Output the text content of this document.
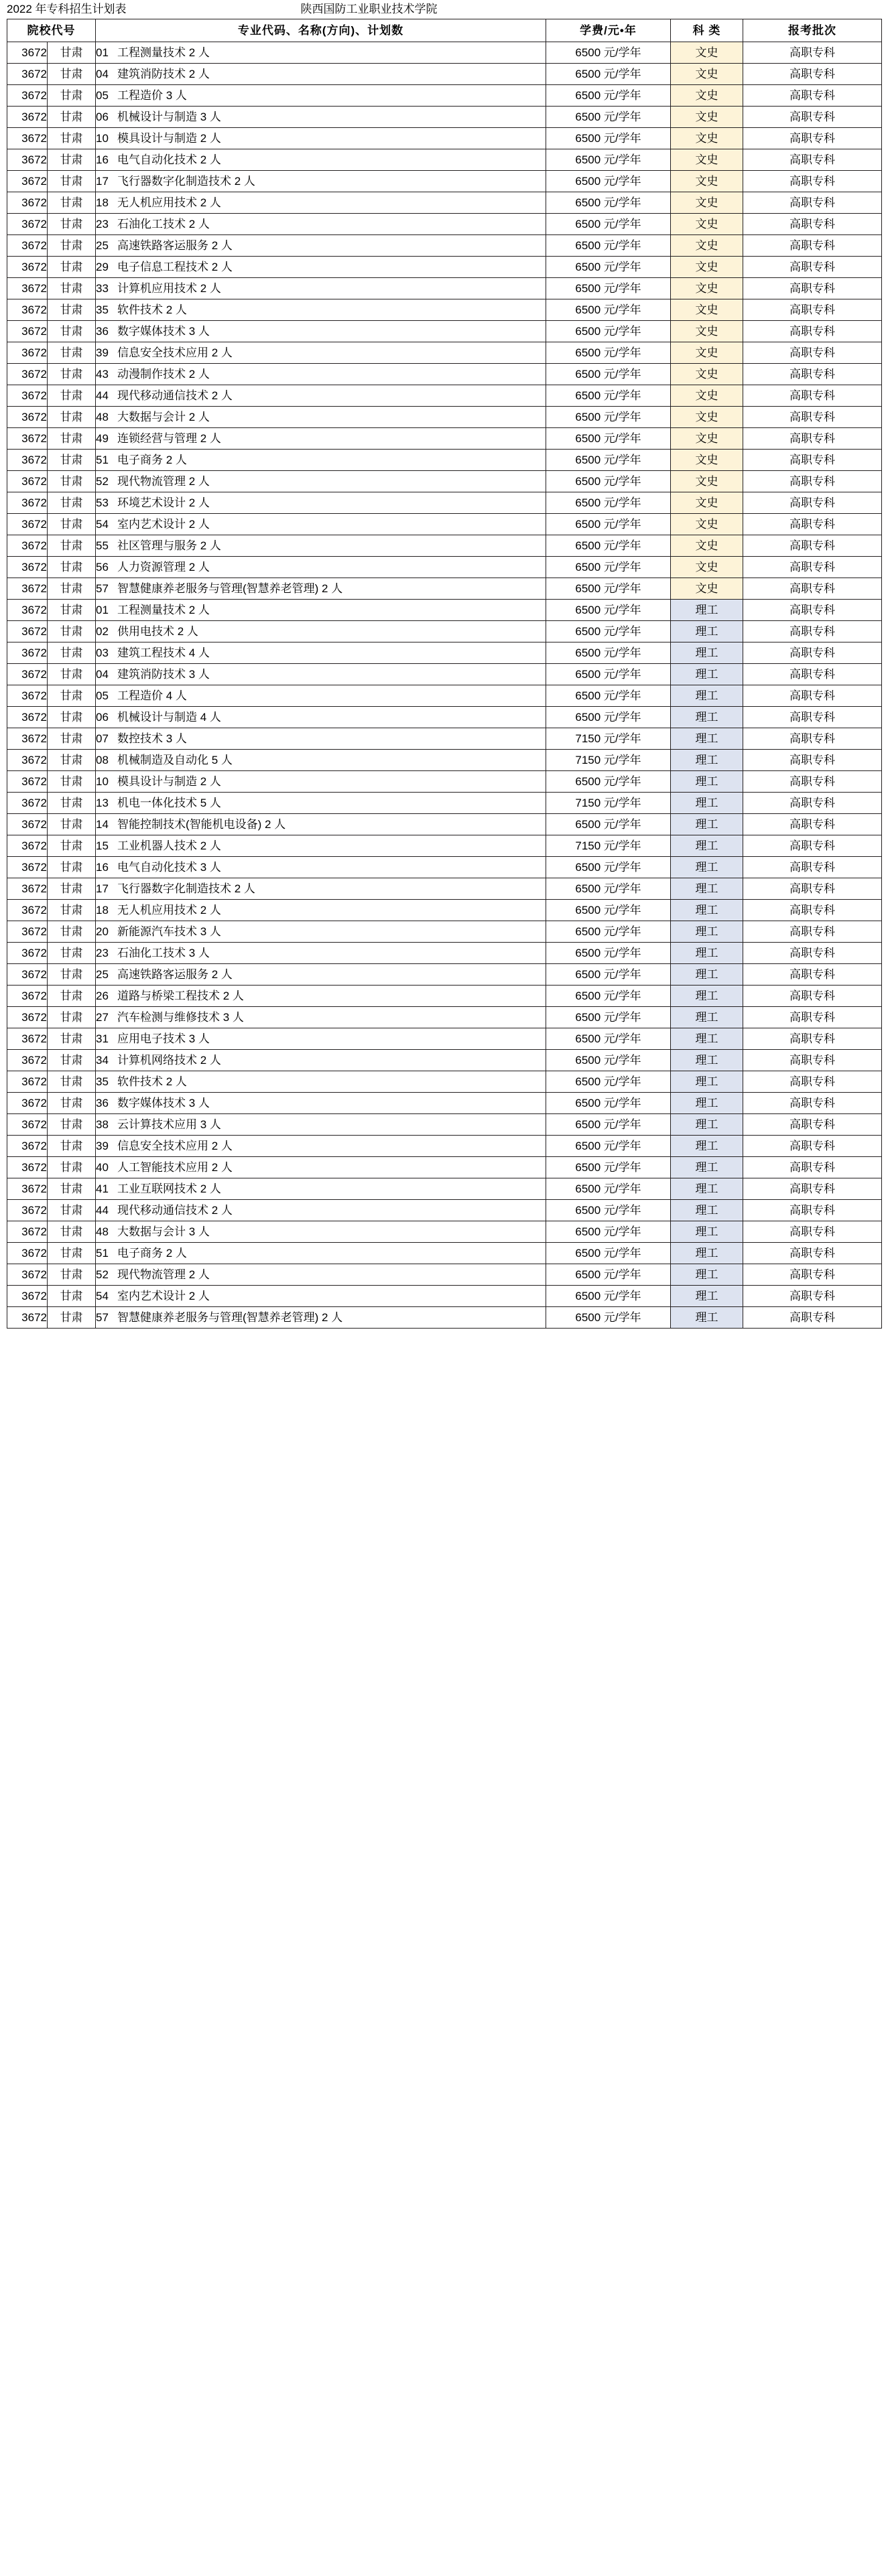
2022 年专科招生计划表	陕西国防工业职业技术学院
院校代号		专业代码、名称(方向)、计划数	学费/元•年	科 类	报考批次
3672	甘肃	01 工程测量技术 2 人	6500 元/学年	文史	高职专科
3672	甘肃	04 建筑消防技术 2 人	6500 元/学年	文史	高职专科
3672	甘肃	05 工程造价 3 人	6500 元/学年	文史	高职专科
3672	甘肃	06 机械设计与制造 3 人	6500 元/学年	文史	高职专科
3672	甘肃	10 模具设计与制造 2 人	6500 元/学年	文史	高职专科
3672	甘肃	16 电气自动化技术 2 人	6500 元/学年	文史	高职专科
3672	甘肃	17 飞行器数字化制造技术 2 人	6500 元/学年	文史	高职专科
3672	甘肃	18 无人机应用技术 2 人	6500 元/学年	文史	高职专科
3672	甘肃	23 石油化工技术 2 人	6500 元/学年	文史	高职专科
3672	甘肃	25 高速铁路客运服务 2 人	6500 元/学年	文史	高职专科
3672	甘肃	29 电子信息工程技术 2 人	6500 元/学年	文史	高职专科
3672	甘肃	33 计算机应用技术 2 人	6500 元/学年	文史	高职专科
3672	甘肃	35 软件技术 2 人	6500 元/学年	文史	高职专科
3672	甘肃	36 数字媒体技术 3 人	6500 元/学年	文史	高职专科
3672	甘肃	39 信息安全技术应用 2 人	6500 元/学年	文史	高职专科
3672	甘肃	43 动漫制作技术 2 人	6500 元/学年	文史	高职专科
3672	甘肃	44 现代移动通信技术 2 人	6500 元/学年	文史	高职专科
3672	甘肃	48 大数据与会计 2 人	6500 元/学年	文史	高职专科
3672	甘肃	49 连锁经营与管理 2 人	6500 元/学年	文史	高职专科
3672	甘肃	51 电子商务 2 人	6500 元/学年	文史	高职专科
3672	甘肃	52 现代物流管理 2 人	6500 元/学年	文史	高职专科
3672	甘肃	53 环境艺术设计 2 人	6500 元/学年	文史	高职专科
3672	甘肃	54 室内艺术设计 2 人	6500 元/学年	文史	高职专科
3672	甘肃	55 社区管理与服务 2 人	6500 元/学年	文史	高职专科
3672	甘肃	56 人力资源管理 2 人	6500 元/学年	文史	高职专科
3672	甘肃	57 智慧健康养老服务与管理(智慧养老管理) 2 人	6500 元/学年	文史	高职专科
3672	甘肃	01 工程测量技术 2 人	6500 元/学年	理工	高职专科
3672	甘肃	02 供用电技术 2 人	6500 元/学年	理工	高职专科
3672	甘肃	03 建筑工程技术 4 人	6500 元/学年	理工	高职专科
3672	甘肃	04 建筑消防技术 3 人	6500 元/学年	理工	高职专科
3672	甘肃	05 工程造价 4 人	6500 元/学年	理工	高职专科
3672	甘肃	06 机械设计与制造 4 人	6500 元/学年	理工	高职专科
3672	甘肃	07 数控技术 3 人	7150 元/学年	理工	高职专科
3672	甘肃	08 机械制造及自动化 5 人	7150 元/学年	理工	高职专科
3672	甘肃	10 模具设计与制造 2 人	6500 元/学年	理工	高职专科
3672	甘肃	13 机电一体化技术 5 人	7150 元/学年	理工	高职专科
3672	甘肃	14 智能控制技术(智能机电设备) 2 人	6500 元/学年	理工	高职专科
3672	甘肃	15 工业机器人技术 2 人	7150 元/学年	理工	高职专科
3672	甘肃	16 电气自动化技术 3 人	6500 元/学年	理工	高职专科
3672	甘肃	17 飞行器数字化制造技术 2 人	6500 元/学年	理工	高职专科
3672	甘肃	18 无人机应用技术 2 人	6500 元/学年	理工	高职专科
3672	甘肃	20 新能源汽车技术 3 人	6500 元/学年	理工	高职专科
3672	甘肃	23 石油化工技术 3 人	6500 元/学年	理工	高职专科
3672	甘肃	25 高速铁路客运服务 2 人	6500 元/学年	理工	高职专科
3672	甘肃	26 道路与桥梁工程技术 2 人	6500 元/学年	理工	高职专科
3672	甘肃	27 汽车检测与维修技术 3 人	6500 元/学年	理工	高职专科
3672	甘肃	31 应用电子技术 3 人	6500 元/学年	理工	高职专科
3672	甘肃	34 计算机网络技术 2 人	6500 元/学年	理工	高职专科
3672	甘肃	35 软件技术 2 人	6500 元/学年	理工	高职专科
3672	甘肃	36 数字媒体技术 3 人	6500 元/学年	理工	高职专科
3672	甘肃	38 云计算技术应用 3 人	6500 元/学年	理工	高职专科
3672	甘肃	39 信息安全技术应用 2 人	6500 元/学年	理工	高职专科
3672	甘肃	40 人工智能技术应用 2 人	6500 元/学年	理工	高职专科
3672	甘肃	41 工业互联网技术 2 人	6500 元/学年	理工	高职专科
3672	甘肃	44 现代移动通信技术 2 人	6500 元/学年	理工	高职专科
3672	甘肃	48 大数据与会计 3 人	6500 元/学年	理工	高职专科
3672	甘肃	51 电子商务 2 人	6500 元/学年	理工	高职专科
3672	甘肃	52 现代物流管理 2 人	6500 元/学年	理工	高职专科
3672	甘肃	54 室内艺术设计 2 人	6500 元/学年	理工	高职专科
3672	甘肃	57 智慧健康养老服务与管理(智慧养老管理) 2 人	6500 元/学年	理工	高职专科
